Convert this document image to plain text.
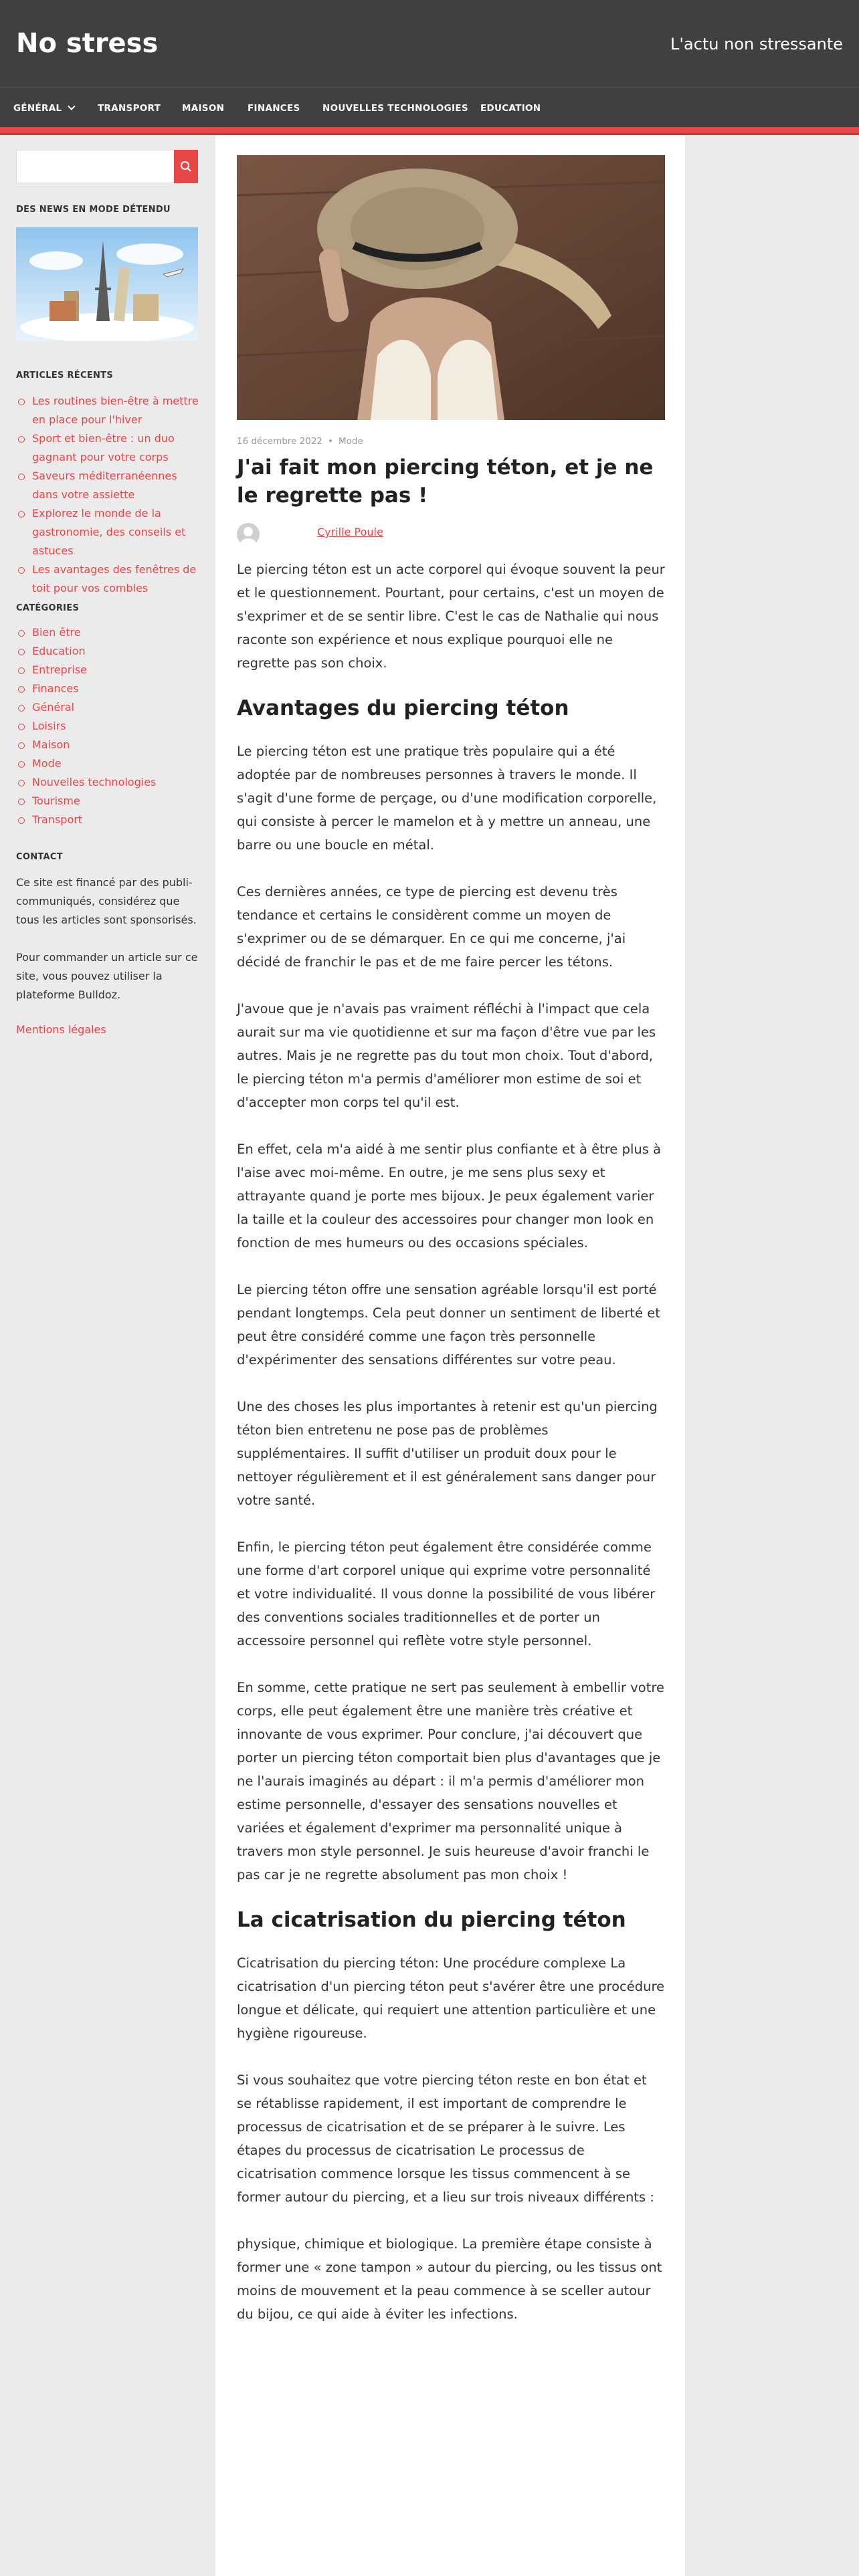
No stress	L'actu non stressante
GÉNÉRAL	TRANSPORT MAISON	FINANCES NOUVELLES TECHNOLOGIES EDUCATION
DES NEWS EN MODE DÉTENDU
ARTICLES RÉCENTS
Les routines bien-être à mettre en place pour l'hiver
Sport et bien-être : un duo gagnant pour votre corps
Saveurs méditerranéennes dans votre assiette
Explorez le monde de la gastronomie, des conseils et astuces
Les avantages des fenêtres de toit pour vos combles
CATÉGORIES
Bien être
Education
Entreprise
Finances
Général
Loisirs
Maison
Mode
Nouvelles technologies
Tourisme
Transport
CONTACT

Ce site est financé par des publi-communiqués, considérez que tous les articles sont sponsorisés.

Pour commander un article sur ce site, vous pouvez utiliser la plateforme Bulldoz.

Mentions légales
16 décembre 2022 • Mode
J'ai fait mon piercing téton, et je ne le regrette pas !
Cyrille Poule

Le piercing téton est un acte corporel qui évoque souvent la peur et le questionnement. Pourtant, pour certains, c'est un moyen de s'exprimer et de se sentir libre. C'est le cas de Nathalie qui nous raconte son expérience et nous explique pourquoi elle ne regrette pas son choix.

Avantages du piercing téton

Le piercing téton est une pratique très populaire qui a été adoptée par de nombreuses personnes à travers le monde. Il s'agit d'une forme de perçage, ou d'une modification corporelle, qui consiste à percer le mamelon et à y mettre un anneau, une barre ou une boucle en métal.

Ces dernières années, ce type de piercing est devenu très tendance et certains le considèrent comme un moyen de s'exprimer ou de se démarquer. En ce qui me concerne, j'ai décidé de franchir le pas et de me faire percer les tétons.

J'avoue que je n'avais pas vraiment réfléchi à l'impact que cela aurait sur ma vie quotidienne et sur ma façon d'être vue par les autres. Mais je ne regrette pas du tout mon choix. Tout d'abord, le piercing téton m'a permis d'améliorer mon estime de soi et d'accepter mon corps tel qu'il est.

En effet, cela m'a aidé à me sentir plus confiante et à être plus à l'aise avec moi-même. En outre, je me sens plus sexy et attrayante quand je porte mes bijoux. Je peux également varier la taille et la couleur des accessoires pour changer mon look en fonction de mes humeurs ou des occasions spéciales.

Le piercing téton offre une sensation agréable lorsqu'il est porté pendant longtemps. Cela peut donner un sentiment de liberté et peut être considéré comme une façon très personnelle d'expérimenter des sensations différentes sur votre peau.

Une des choses les plus importantes à retenir est qu'un piercing téton bien entretenu ne pose pas de problèmes supplémentaires. Il suffit d'utiliser un produit doux pour le nettoyer régulièrement et il est généralement sans danger pour votre santé.

Enfin, le piercing téton peut également être considérée comme une forme d'art corporel unique qui exprime votre personnalité et votre individualité. Il vous donne la possibilité de vous libérer des conventions sociales traditionnelles et de porter un accessoire personnel qui reflète votre style personnel.

En somme, cette pratique ne sert pas seulement à embellir votre corps, elle peut également être une manière très créative et innovante de vous exprimer. Pour conclure, j'ai découvert que porter un piercing téton comportait bien plus d'avantages que je ne l'aurais imaginés au départ : il m'a permis d'améliorer mon estime personnelle, d'essayer des sensations nouvelles et variées et également d'exprimer ma personnalité unique à travers mon style personnel. Je suis heureuse d'avoir franchi le pas car je ne regrette absolument pas mon choix !

La cicatrisation du piercing téton

Cicatrisation du piercing téton: Une procédure complexe La cicatrisation d'un piercing téton peut s'avérer être une procédure longue et délicate, qui requiert une attention particulière et une hygiène rigoureuse.

Si vous souhaitez que votre piercing téton reste en bon état et se rétablisse rapidement, il est important de comprendre le processus de cicatrisation et de se préparer à le suivre. Les étapes du processus de cicatrisation Le processus de cicatrisation commence lorsque les tissus commencent à se former autour du piercing, et a lieu sur trois niveaux différents :

physique, chimique et biologique. La première étape consiste à former une « zone tampon » autour du piercing, ou les tissus ont moins de mouvement et la peau commence à se sceller autour du bijou, ce qui aide à éviter les infections.
